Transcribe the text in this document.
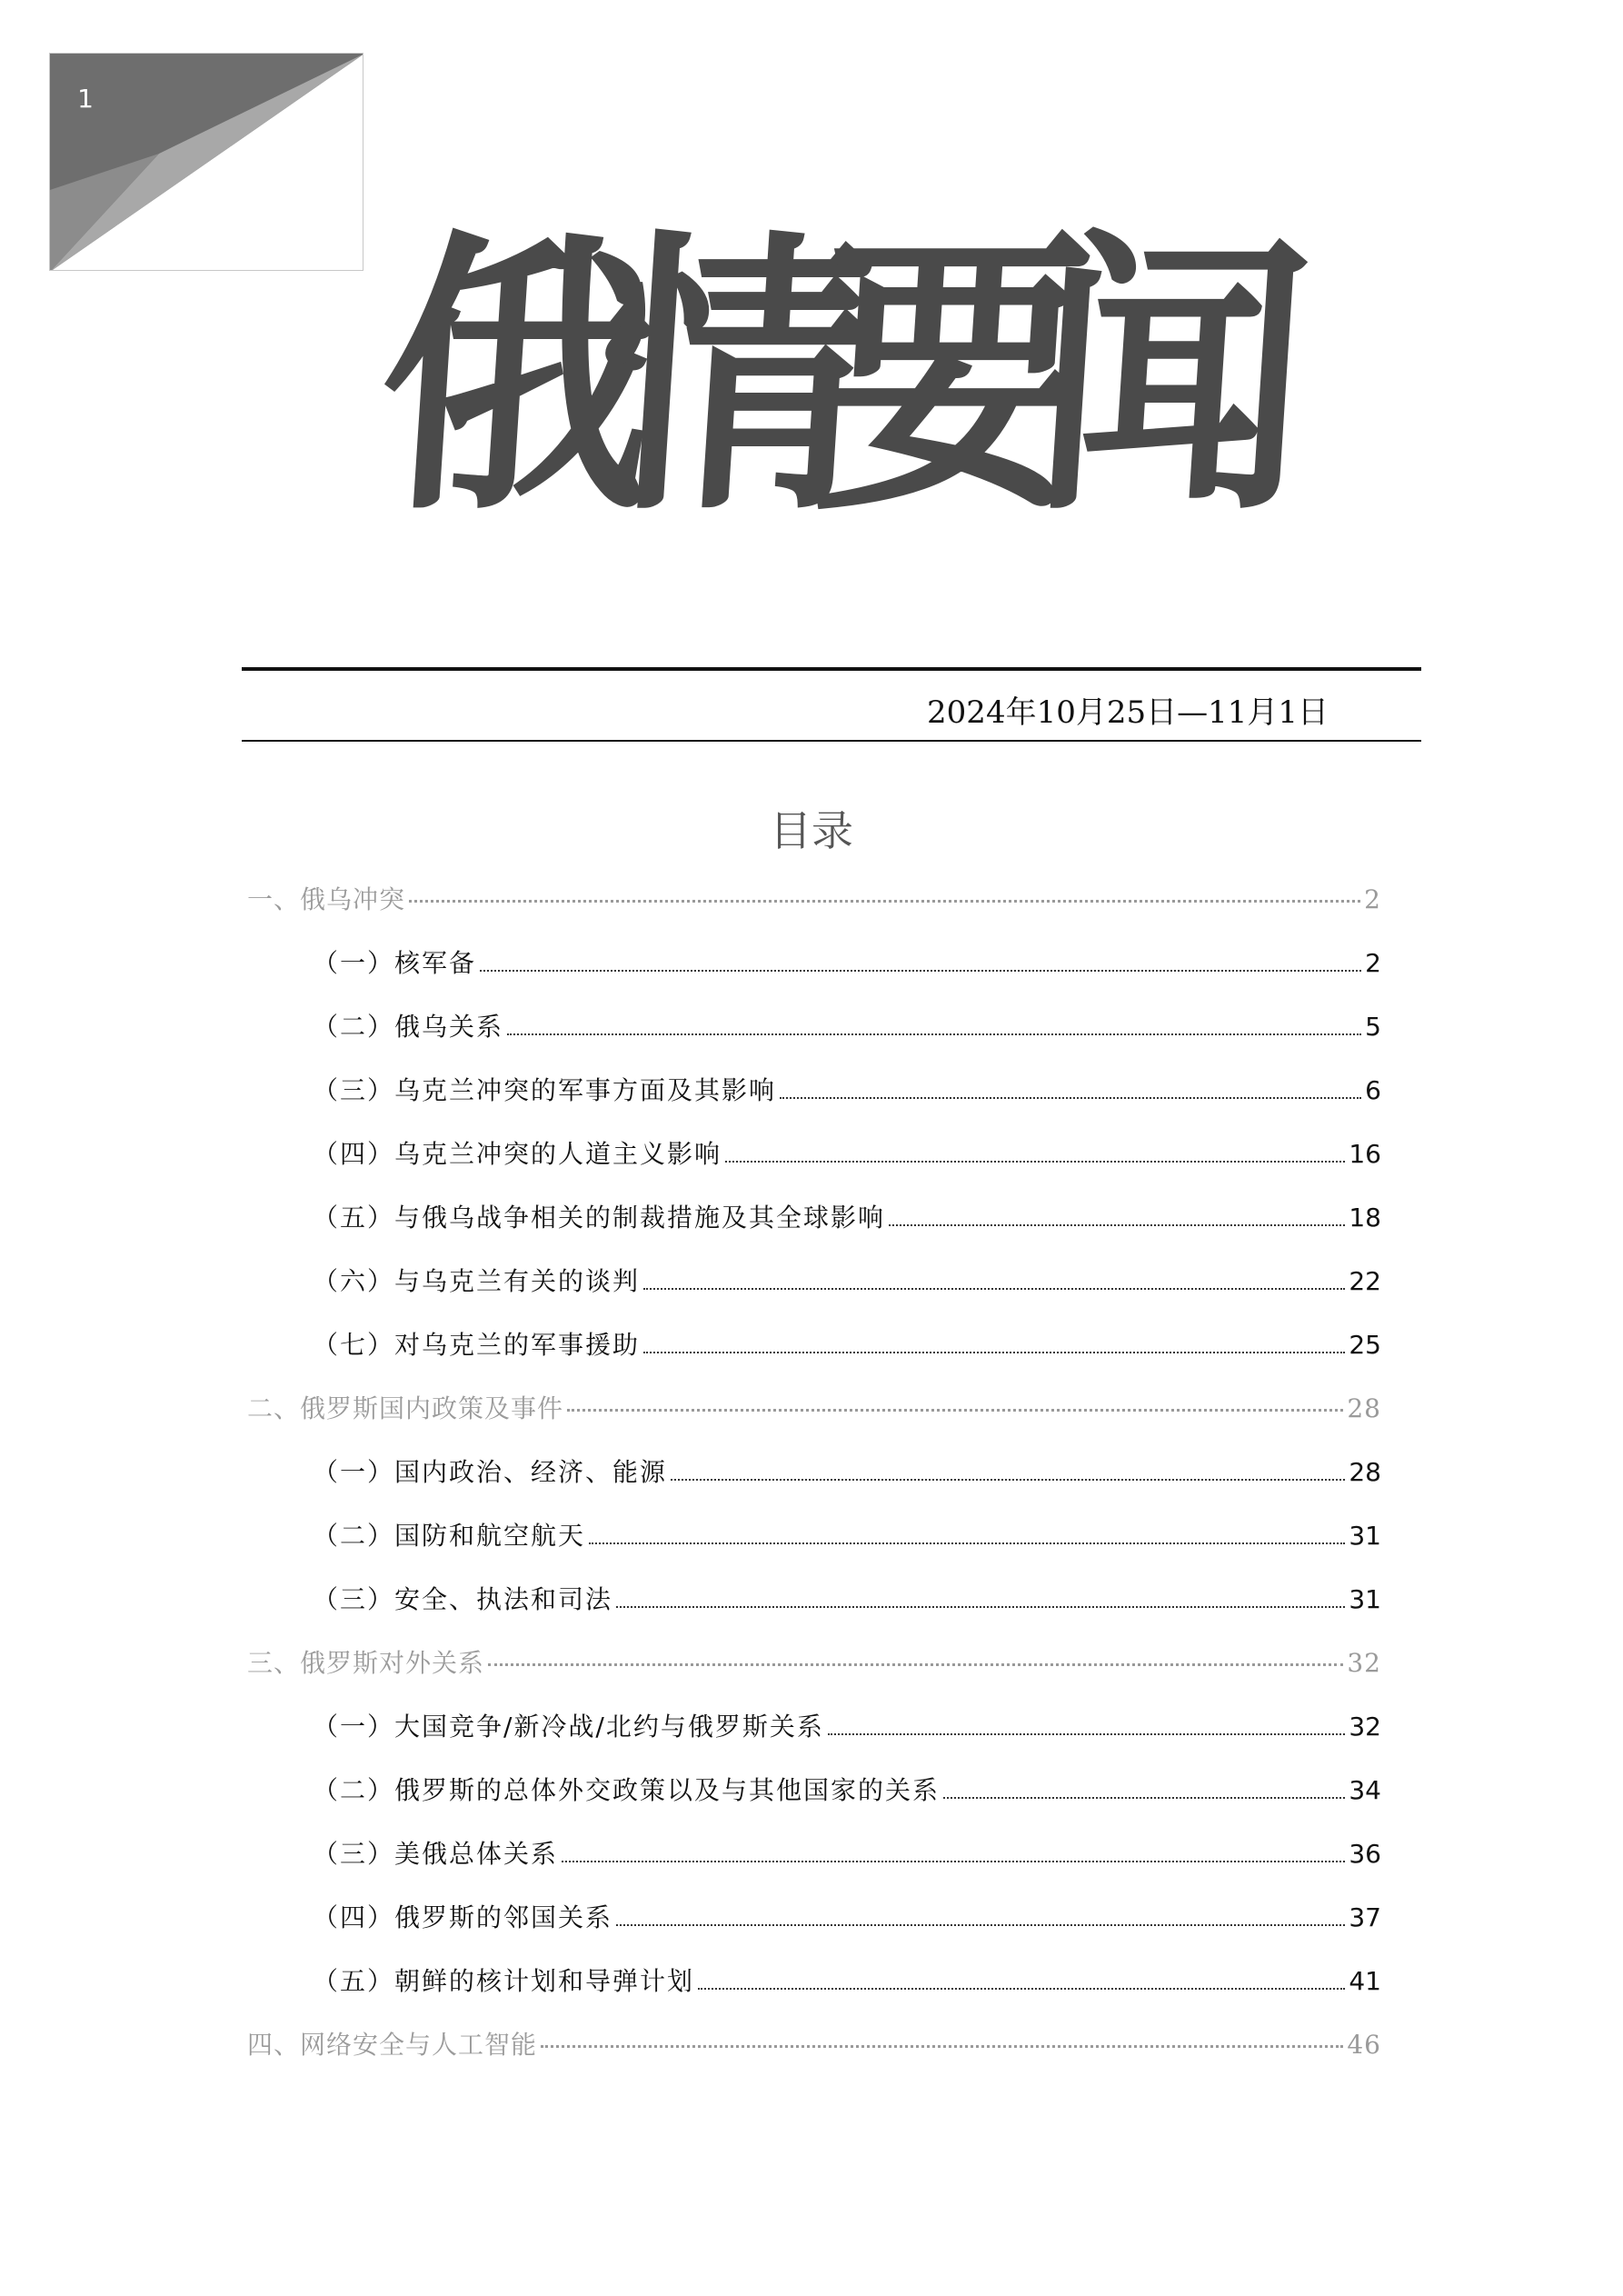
1
俄
情
要
闻
2024年10月25日—11月1日
目录
一、俄乌冲突	2
（一）核军备	2
（二）俄乌关系	5
（三）乌克兰冲突的军事方面及其影响	6
（四）乌克兰冲突的人道主义影响	16
（五）与俄乌战争相关的制裁措施及其全球影响	18
（六）与乌克兰有关的谈判	22
（七）对乌克兰的军事援助	25
二、俄罗斯国内政策及事件	28
（一）国内政治、经济、能源	28
（二）国防和航空航天	31
（三）安全、执法和司法	31
三、俄罗斯对外关系	32
（一）大国竞争/新冷战/北约与俄罗斯关系	32
（二）俄罗斯的总体外交政策以及与其他国家的关系	34
（三）美俄总体关系	36
（四）俄罗斯的邻国关系	37
（五）朝鲜的核计划和导弹计划	41
四、网络安全与人工智能	46
